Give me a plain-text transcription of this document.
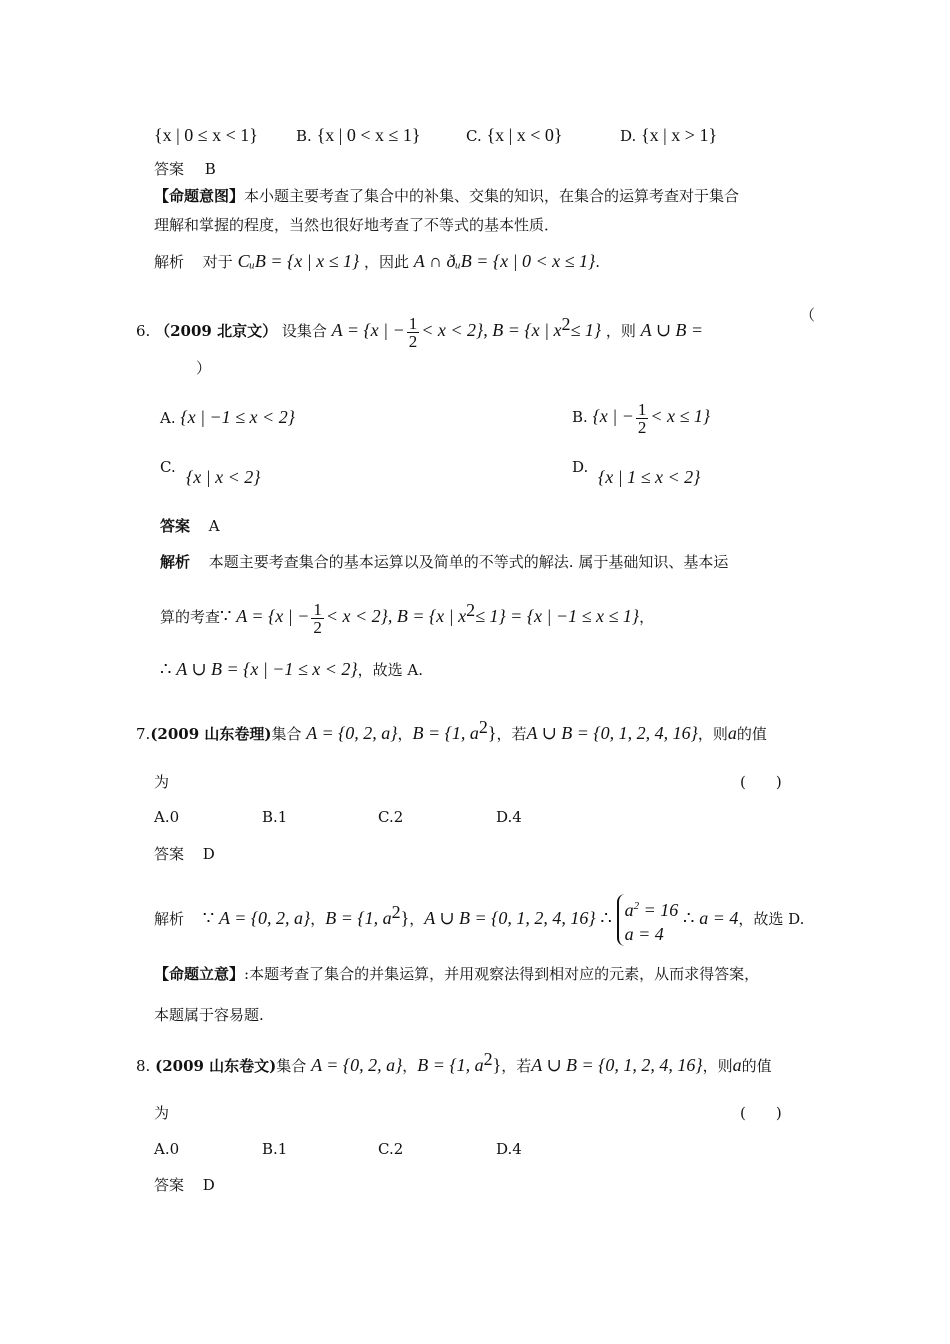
{x | 0 ≤ x < 1}	B. {x | 0 < x ≤ 1}	C. {x | x < 0}	D. {x | x > 1}
答案 B
【命题意图】本小题主要考查了集合中的补集、交集的知识，在集合的运算考查对于集合
理解和掌握的程度，当然也很好地考查了不等式的基本性质．
解析 对于 CᵤB = {x | x ≤ 1} ，因此 A ∩ ðᵤB = {x | 0 < x ≤ 1}.
6. （2009 北京文） 设集合 A = {x | − $\frac{1}{2} < x < 2$}, B = {x | $x^2\le 1$} ，则 A ∪ B =
（
）
A. {x | −1 ≤ x < 2}	B. {x | − $\frac{1}{2} < x \le 1$}
C. {x | x < 2}	D. {x | 1 ≤ x < 2}
答案 A
解析 本题主要考查集合的基本运算以及简单的不等式的解法. 属于基础知识、基本运
算的考查∵ A = {x | − $\frac{1}{2} < x < 2$}, B = {x | $x^2\le 1\} = \{x$ | −1 ≤ x ≤ 1}，
∴ A ∪ B = {x | −1 ≤ x < 2}，故选 A.
7.(2009 山东卷理)集合 A = {0, 2, a}，B = {1, $a^2$}，若A ∪ B = {0, 1, 2, 4, 16}，则a的值
为	(　　)
A.0	B.1	C.2	D.4
答案 D
解析 ∵ A = {0, 2, a}，B = {1, $a^2$}，A ∪ B = {0, 1, 2, 4, 16} ∴ $a^2 = 16$
a = 4 ∴ a = 4，故选 D.
【命题立意】:本题考查了集合的并集运算，并用观察法得到相对应的元素，从而求得答案，
本题属于容易题.
8. (2009 山东卷文)集合 A = {0, 2, a}，B = {1, $a^2$}，若A ∪ B = {0, 1, 2, 4, 16}，则a的值
为	(　　)
A.0	B.1	C.2	D.4
答案 D
